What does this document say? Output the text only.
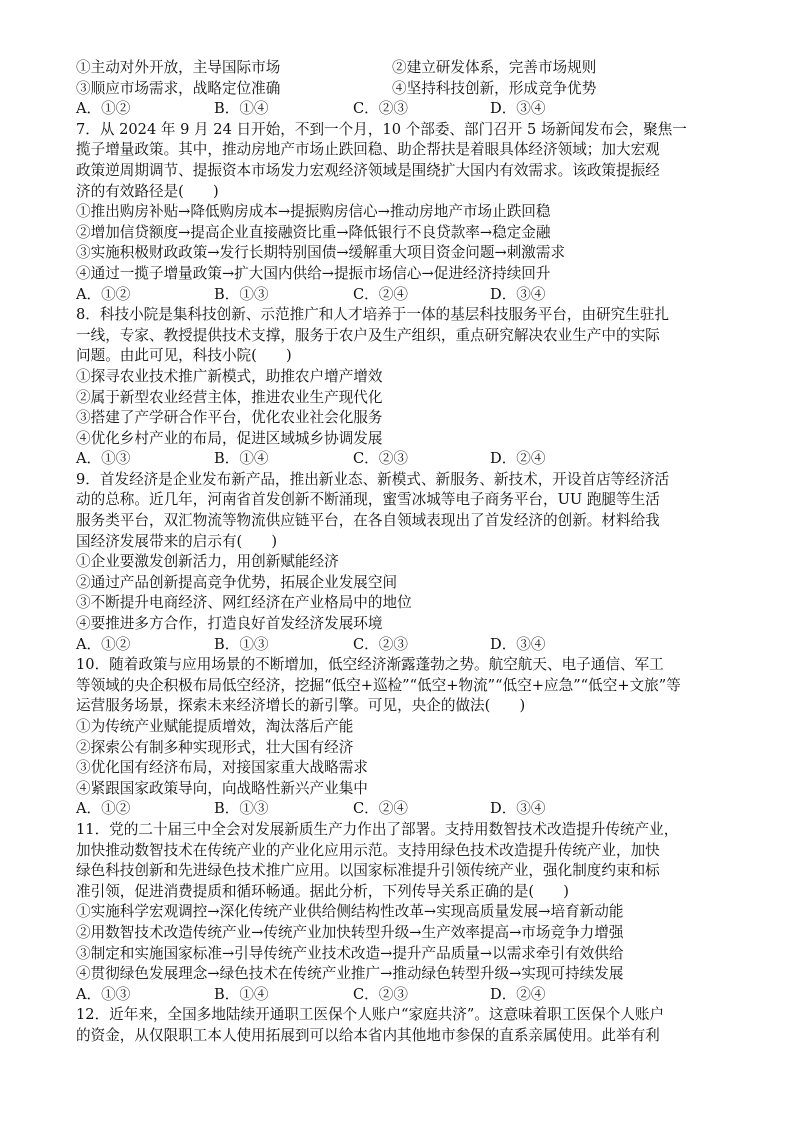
①主动对外开放，主导国际市场	②建立研发体系，完善市场规则
③顺应市场需求，战略定位准确	④坚持科技创新，形成竞争优势
A．①②	B．①④	C．②③	D．③④
7．从 2024 年 9 月 24 日开始，不到一个月，10 个部委、部门召开 5 场新闻发布会，聚焦一
揽子增量政策。其中，推动房地产市场止跌回稳、助企帮扶是着眼具体经济领域；加大宏观
政策逆周期调节、提振资本市场发力宏观经济领域是围绕扩大国内有效需求。该政策提振经
济的有效路径是(　　)
①推出购房补贴→降低购房成本→提振购房信心→推动房地产市场止跌回稳
②增加信贷额度→提高企业直接融资比重→降低银行不良贷款率→稳定金融
③实施积极财政政策→发行长期特别国债→缓解重大项目资金问题→刺激需求
④通过一揽子增量政策→扩大国内供给→提振市场信心→促进经济持续回升
A．①②	B．①③	C．②④	D．③④
8．科技小院是集科技创新、示范推广和人才培养于一体的基层科技服务平台，由研究生驻扎
一线，专家、教授提供技术支撑，服务于农户及生产组织，重点研究解决农业生产中的实际
问题。由此可见，科技小院(　　)
①探寻农业技术推广新模式，助推农户增产增效
②属于新型农业经营主体，推进农业生产现代化
③搭建了产学研合作平台，优化农业社会化服务
④优化乡村产业的布局，促进区域城乡协调发展
A．①③	B．①④	C．②③	D．②④
9．首发经济是企业发布新产品，推出新业态、新模式、新服务、新技术，开设首店等经济活
动的总称。近几年，河南省首发创新不断涌现，蜜雪冰城等电子商务平台，UU 跑腿等生活
服务类平台，双汇物流等物流供应链平台，在各自领域表现出了首发经济的创新。材料给我
国经济发展带来的启示有(　　)
①企业要激发创新活力，用创新赋能经济
②通过产品创新提高竞争优势，拓展企业发展空间
③不断提升电商经济、网红经济在产业格局中的地位
④要推进多方合作，打造良好首发经济发展环境
A．①②	B．①③	C．②③	D．③④
10．随着政策与应用场景的不断增加，低空经济渐露蓬勃之势。航空航天、电子通信、军工
等领域的央企积极布局低空经济，挖掘“低空+巡检”“低空+物流”“低空+应急”“低空+文旅”等
运营服务场景，探索未来经济增长的新引擎。可见，央企的做法(　　)
①为传统产业赋能提质增效，淘汰落后产能
②探索公有制多种实现形式，壮大国有经济
③优化国有经济布局，对接国家重大战略需求
④紧跟国家政策导向，向战略性新兴产业集中
A．①②	B．①③	C．②④	D．③④
11．党的二十届三中全会对发展新质生产力作出了部署。支持用数智技术改造提升传统产业，
加快推动数智技术在传统产业的产业化应用示范。支持用绿色技术改造提升传统产业，加快
绿色科技创新和先进绿色技术推广应用。以国家标准提升引领传统产业，强化制度约束和标
准引领，促进消费提质和循环畅通。据此分析，下列传导关系正确的是(　　)
①实施科学宏观调控→深化传统产业供给侧结构性改革→实现高质量发展→培育新动能
②用数智技术改造传统产业→传统产业加快转型升级→生产效率提高→市场竞争力增强
③制定和实施国家标准→引导传统产业技术改造→提升产品质量→以需求牵引有效供给
④贯彻绿色发展理念→绿色技术在传统产业推广→推动绿色转型升级→实现可持续发展
A．①③	B．①④	C．②③	D．②④
12．近年来，全国多地陆续开通职工医保个人账户“家庭共济”。这意味着职工医保个人账户
的资金，从仅限职工本人使用拓展到可以给本省内其他地市参保的直系亲属使用。此举有利
